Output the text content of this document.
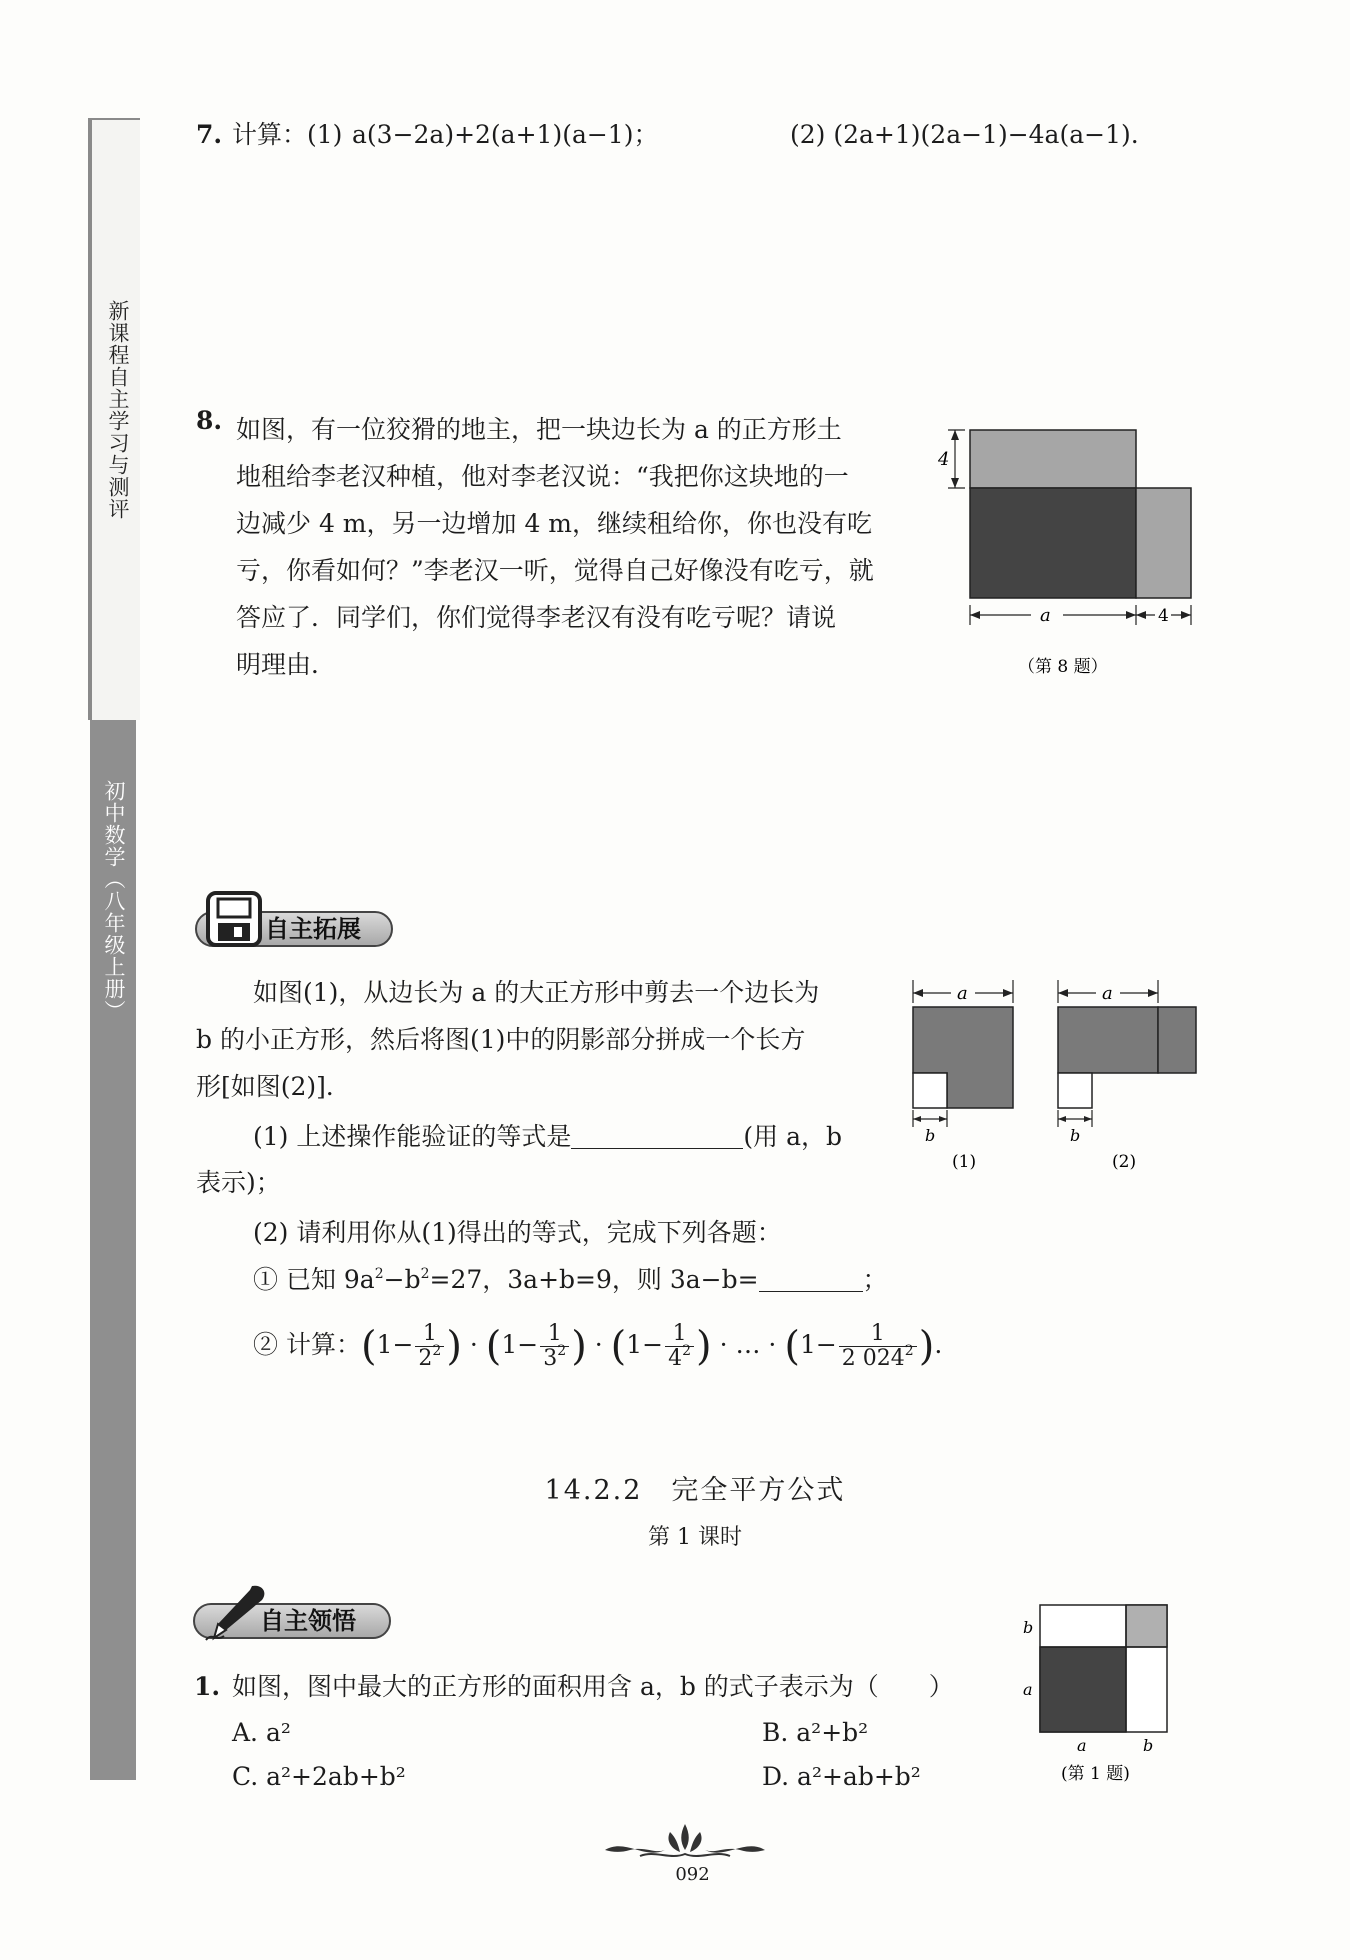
新课程自主学习与测评
初中数学（八年级上册）
7. 计算：(1) a(3−2a)+2(a+1)(a−1)；	(2) (2a+1)(2a−1)−4a(a−1).
8. 如图，有一位狡猾的地主，把一块边长为 a 的正方形土
地租给李老汉种植，他对李老汉说：“我把你这块地的一
边减少 4 m，另一边增加 4 m，继续租给你，你也没有吃
亏，你看如何？”李老汉一听，觉得自己好像没有吃亏，就
答应了．同学们，你们觉得李老汉有没有吃亏呢？请说
明理由．
4
a	4
（第 8 题）
自主拓展
如图(1)，从边长为 a 的大正方形中剪去一个边长为
b 的小正方形，然后将图(1)中的阴影部分拼成一个长方
形[如图(2)]．
(1) 上述操作能验证的等式是	(用 a，b
表示)；
(2) 请利用你从(1)得出的等式，完成下列各题：
① 已知 $9a^2-b^2=27$，3a+b=9，则 3a−b=	；
② 计算：($1- \frac{1}{2^2}$ ) · ($1- \frac{1}{3^2}$ ) · ($1- \frac{1}{4^2}$ ) · … · ($1- \frac{1}{2 024^2}$ ).
a
b
(1)
a
b
(2)
14.2.2　完全平方公式
第 1 课时
自主领悟
1. 如图，图中最大的正方形的面积用含 a，b 的式子表示为（　　）
A. a²	B. a²+b²
C. a²+2ab+b²	D. a²+ab+b²
b
a
a	b
(第 1 题)
092
